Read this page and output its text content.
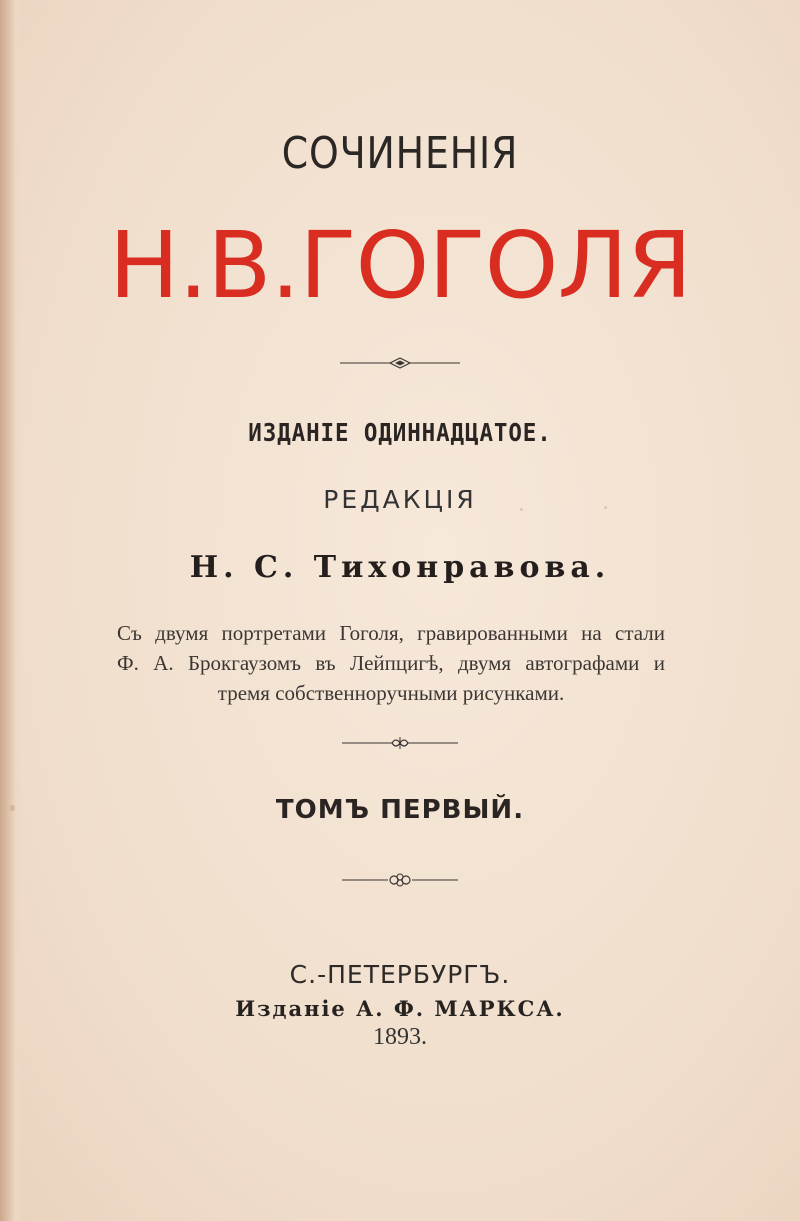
СОЧИНЕНІЯ
Н.В.ГОГОЛЯ
ИЗДАНІЕ ОДИННАДЦАТОЕ.
РЕДАКЦІЯ
Н. С. Тихонравова.
Съ двумя портретами Гоголя, гравированными на стали
Ф. А. Брокгаузомъ въ Лейпцигѣ, двумя автографами и
тремя собственноручными рисунками.
ТОМЪ ПЕРВЫЙ.
С.-ПЕТЕРБУРГЪ.
Изданіе А. Ф. МАРКСА.
1893.
